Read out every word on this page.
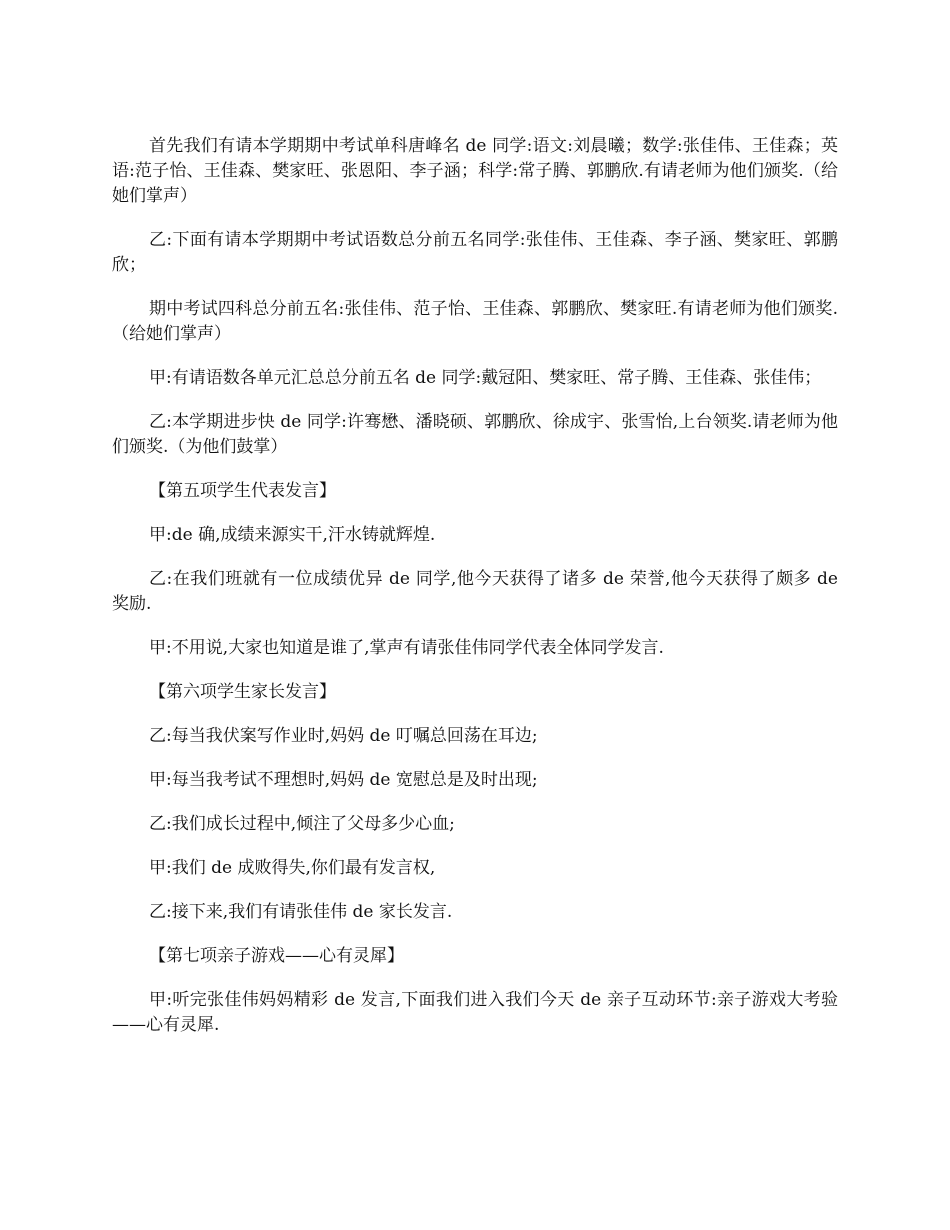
首先我们有请本学期期中考试单科唐峰名 de 同学:语文:刘晨曦；数学:张佳伟、王佳森；英语:范子怡、王佳森、樊家旺、张恩阳、李子涵；科学:常子腾、郭鹏欣.有请老师为他们颁奖.（给她们掌声）

乙:下面有请本学期期中考试语数总分前五名同学:张佳伟、王佳森、李子涵、樊家旺、郭鹏欣；

期中考试四科总分前五名:张佳伟、范子怡、王佳森、郭鹏欣、樊家旺.有请老师为他们颁奖.（给她们掌声）

甲:有请语数各单元汇总总分前五名 de 同学:戴冠阳、樊家旺、常子腾、王佳森、张佳伟；

乙:本学期进步快 de 同学:许骞懋、潘晓硕、郭鹏欣、徐成宇、张雪怡,上台领奖.请老师为他们颁奖.（为他们鼓掌）

【第五项学生代表发言】

甲:de 确,成绩来源实干,汗水铸就辉煌.

乙:在我们班就有一位成绩优异 de 同学,他今天获得了诸多 de 荣誉,他今天获得了颇多 de 奖励.

甲:不用说,大家也知道是谁了,掌声有请张佳伟同学代表全体同学发言.

【第六项学生家长发言】

乙:每当我伏案写作业时,妈妈 de 叮嘱总回荡在耳边;

甲:每当我考试不理想时,妈妈 de 宽慰总是及时出现;

乙:我们成长过程中,倾注了父母多少心血;

甲:我们 de 成败得失,你们最有发言权,

乙:接下来,我们有请张佳伟 de 家长发言.

【第七项亲子游戏——心有灵犀】

甲:听完张佳伟妈妈精彩 de 发言,下面我们进入我们今天 de 亲子互动环节:亲子游戏大考验——心有灵犀.
